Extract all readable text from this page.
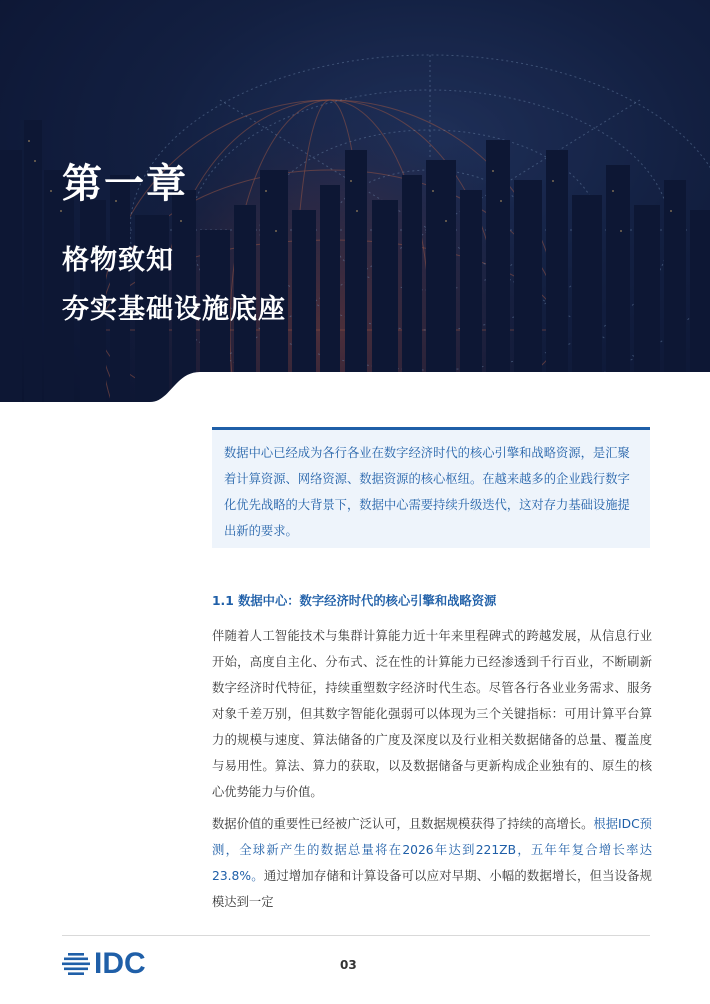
第一章
格物致知
夯实基础设施底座

数据中心已经成为各行各业在数字经济时代的核心引擎和战略资源，是汇聚着计算资源、网络资源、数据资源的核心枢纽。在越来越多的企业践行数字化优先战略的大背景下，数据中心需要持续升级迭代，这对存力基础设施提出新的要求。

1.1 数据中心：数字经济时代的核心引擎和战略资源

伴随着人工智能技术与集群计算能力近十年来里程碑式的跨越发展，从信息行业开始，高度自主化、分布式、泛在性的计算能力已经渗透到千行百业，不断刷新数字经济时代特征，持续重塑数字经济时代生态。尽管各行各业业务需求、服务对象千差万别，但其数字智能化强弱可以体现为三个关键指标：可用计算平台算力的规模与速度、算法储备的广度及深度以及行业相关数据储备的总量、覆盖度与易用性。算法、算力的获取，以及数据储备与更新构成企业独有的、原生的核心优势能力与价值。

数据价值的重要性已经被广泛认可，且数据规模获得了持续的高增长。根据IDC预测，全球新产生的数据总量将在2026年达到221ZB，五年年复合增长率达23.8%。通过增加存储和计算设备可以应对早期、小幅的数据增长，但当设备规模达到一定

IDC	03
